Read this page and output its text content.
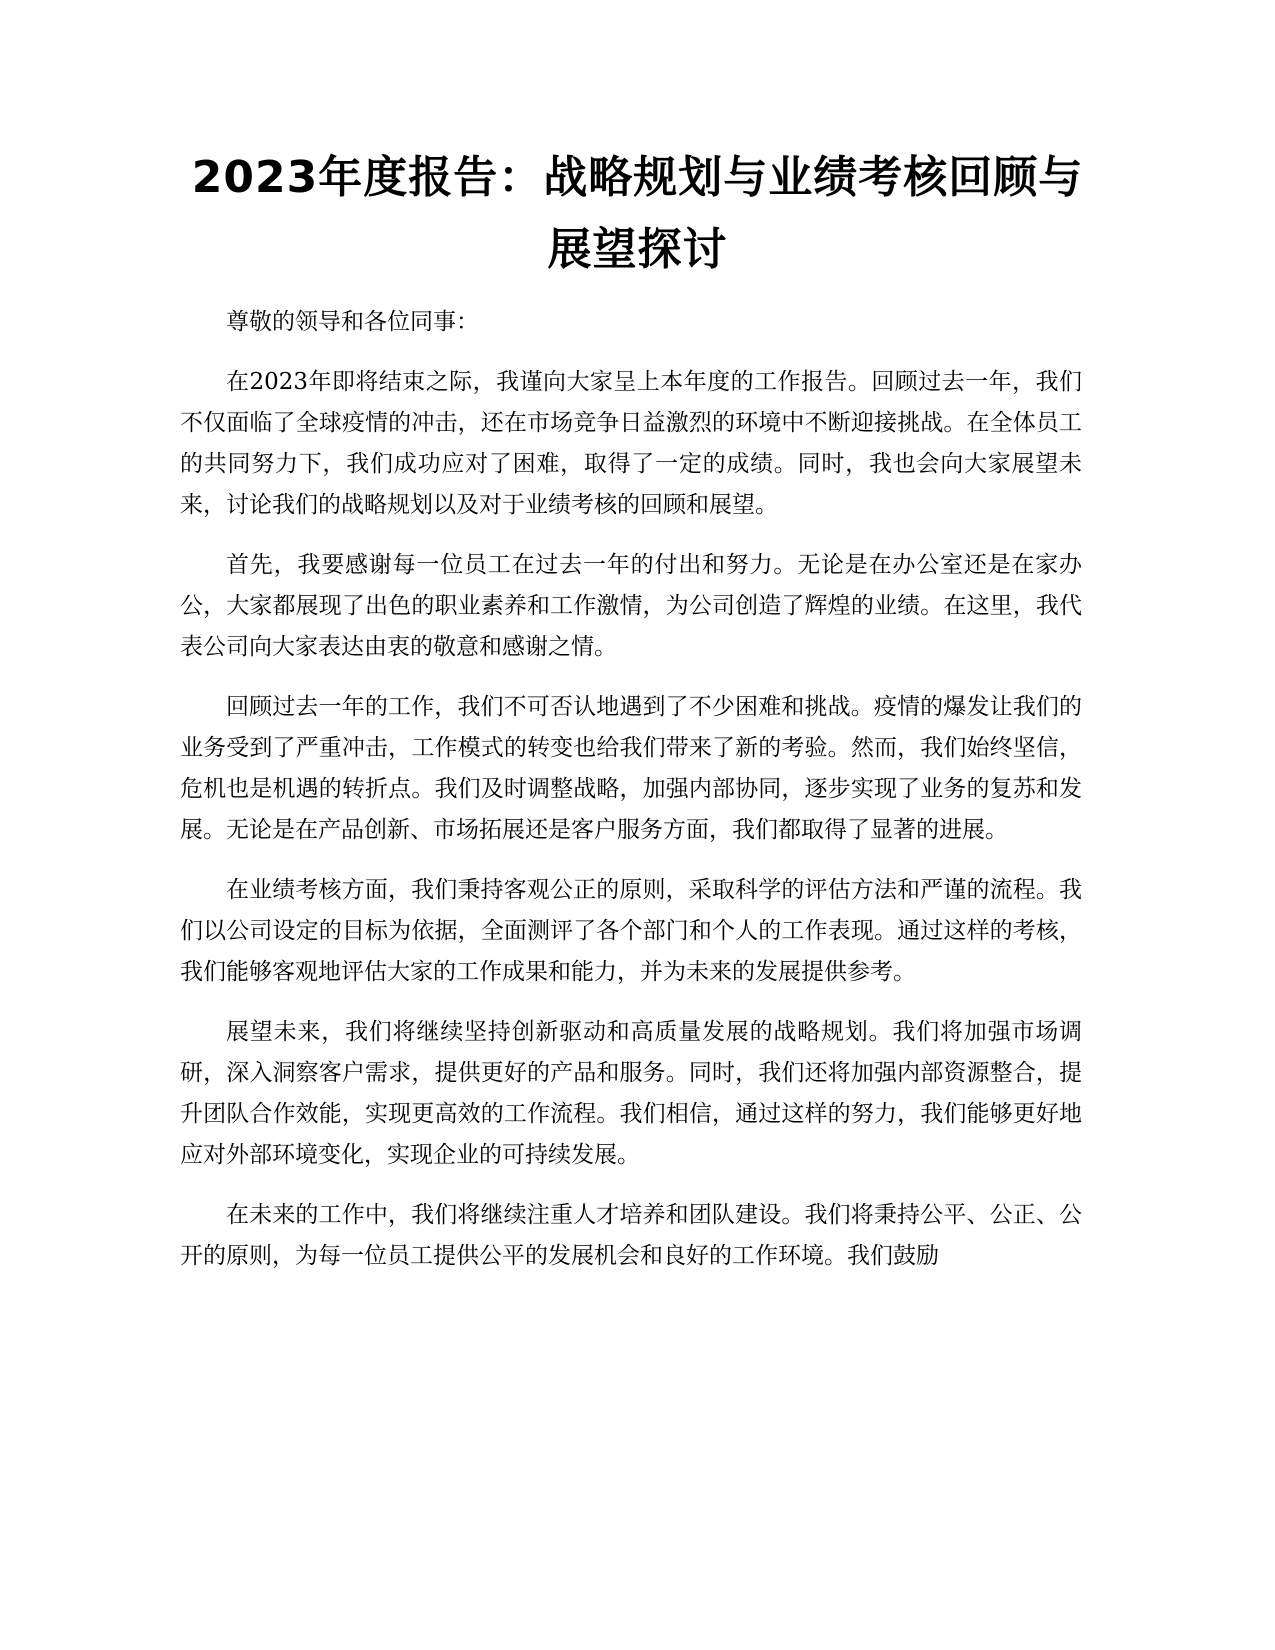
2023年度报告：战略规划与业绩考核回顾与展望探讨

尊敬的领导和各位同事：

在2023年即将结束之际，我谨向大家呈上本年度的工作报告。回顾过去一年，我们不仅面临了全球疫情的冲击，还在市场竞争日益激烈的环境中不断迎接挑战。在全体员工的共同努力下，我们成功应对了困难，取得了一定的成绩。同时，我也会向大家展望未来，讨论我们的战略规划以及对于业绩考核的回顾和展望。

首先，我要感谢每一位员工在过去一年的付出和努力。无论是在办公室还是在家办公，大家都展现了出色的职业素养和工作激情，为公司创造了辉煌的业绩。在这里，我代表公司向大家表达由衷的敬意和感谢之情。

回顾过去一年的工作，我们不可否认地遇到了不少困难和挑战。疫情的爆发让我们的业务受到了严重冲击，工作模式的转变也给我们带来了新的考验。然而，我们始终坚信，危机也是机遇的转折点。我们及时调整战略，加强内部协同，逐步实现了业务的复苏和发展。无论是在产品创新、市场拓展还是客户服务方面，我们都取得了显著的进展。

在业绩考核方面，我们秉持客观公正的原则，采取科学的评估方法和严谨的流程。我们以公司设定的目标为依据，全面测评了各个部门和个人的工作表现。通过这样的考核，我们能够客观地评估大家的工作成果和能力，并为未来的发展提供参考。

展望未来，我们将继续坚持创新驱动和高质量发展的战略规划。我们将加强市场调研，深入洞察客户需求，提供更好的产品和服务。同时，我们还将加强内部资源整合，提升团队合作效能，实现更高效的工作流程。我们相信，通过这样的努力，我们能够更好地应对外部环境变化，实现企业的可持续发展。

在未来的工作中，我们将继续注重人才培养和团队建设。我们将秉持公平、公正、公开的原则，为每一位员工提供公平的发展机会和良好的工作环境。我们鼓励
